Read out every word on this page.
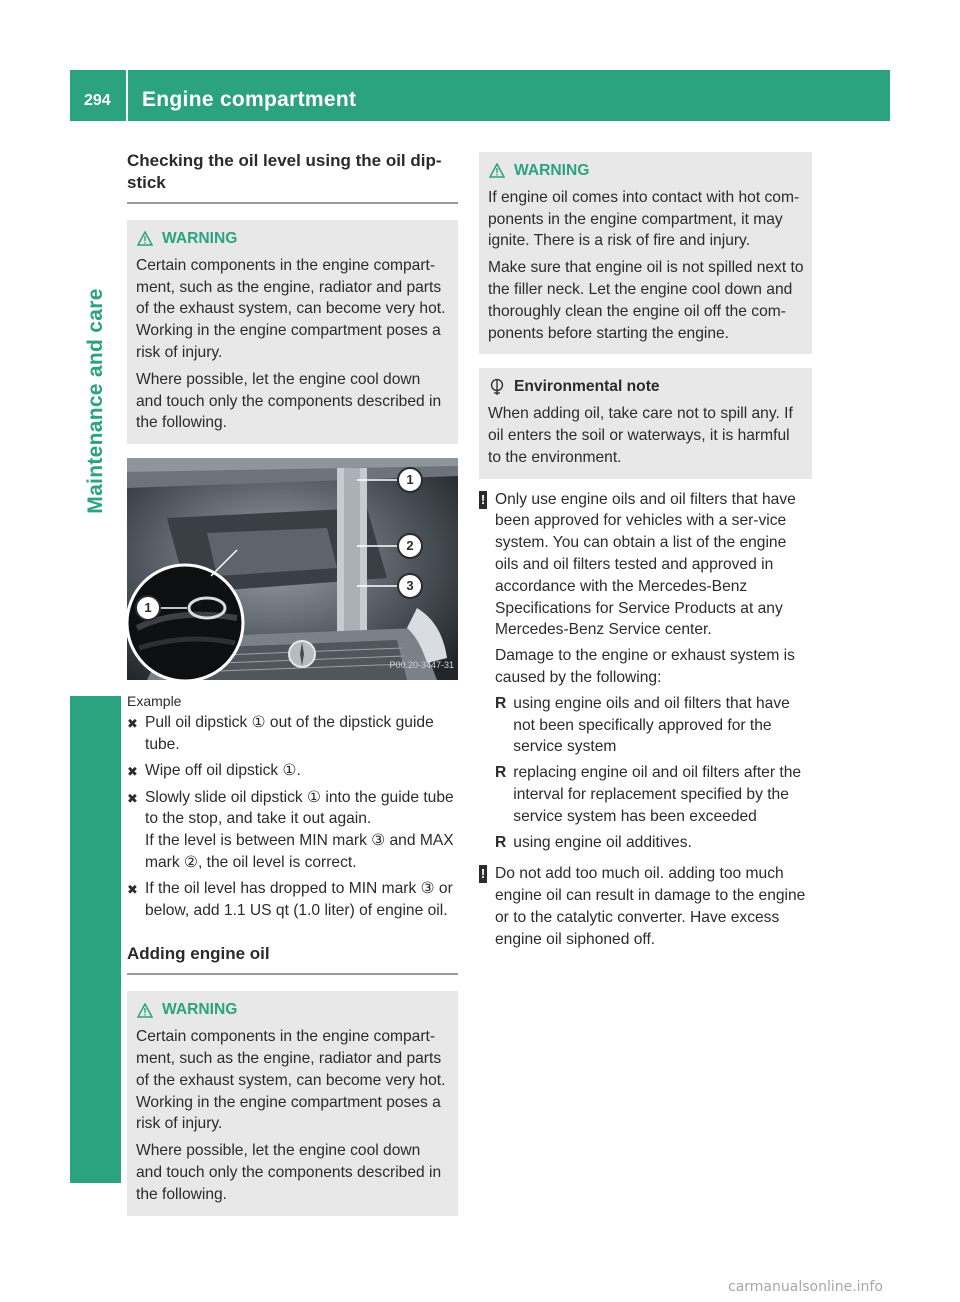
294 Engine compartment
Maintenance and care
Checking the oil level using the oil dip-stick
WARNING

Certain components in the engine compart-ment, such as the engine, radiator and parts of the exhaust system, can become very hot. Working in the engine compartment poses a risk of injury.

Where possible, let the engine cool down and touch only the components described in the following.

1
2
3
1
P00.20-3447-31
Example
✖ Pull oil dipstick ① out of the dipstick guide tube.
✖ Wipe off oil dipstick ①.
✖ Slowly slide oil dipstick ① into the guide tube to the stop, and take it out again.
If the level is between MIN mark ③ and MAX mark ②, the oil level is correct.
✖ If the oil level has dropped to MIN mark ③ or below, add 1.1 US qt (1.0 liter) of engine oil.
Adding engine oil
WARNING

Certain components in the engine compart-ment, such as the engine, radiator and parts of the exhaust system, can become very hot. Working in the engine compartment poses a risk of injury.

Where possible, let the engine cool down and touch only the components described in the following.

WARNING

If engine oil comes into contact with hot com-ponents in the engine compartment, it may ignite. There is a risk of fire and injury.

Make sure that engine oil is not spilled next to the filler neck. Let the engine cool down and thoroughly clean the engine oil off the com-ponents before starting the engine.

Environmental note

When adding oil, take care not to spill any. If oil enters the soil or waterways, it is harmful to the environment.

! Only use engine oils and oil filters that have been approved for vehicles with a ser-vice system. You can obtain a list of the engine oils and oil filters tested and approved in accordance with the Mercedes-Benz Specifications for Service Products at any Mercedes-Benz Service center.
Damage to the engine or exhaust system is caused by the following:
R using engine oils and oil filters that have not been specifically approved for the service system
R replacing engine oil and oil filters after the interval for replacement specified by the service system has been exceeded
R using engine oil additives.
! Do not add too much oil. adding too much engine oil can result in damage to the engine or to the catalytic converter. Have excess engine oil siphoned off.
carmanualsonline.info
